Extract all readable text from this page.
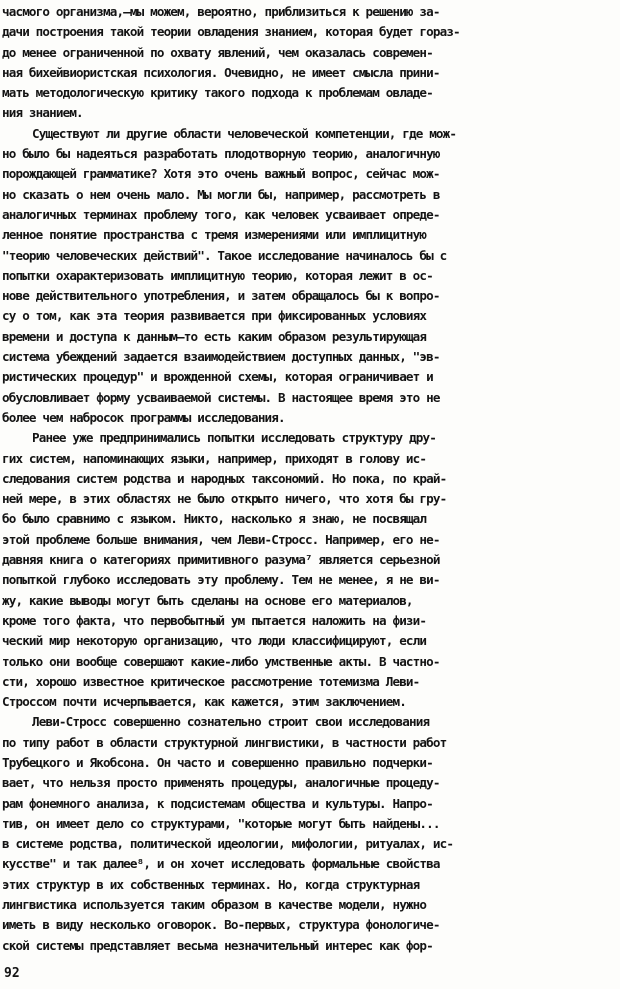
часмого организма,—мы можем, вероятно, приблизиться к решению за-
дачи построения такой теории овладения знанием, которая будет гораз-
до менее ограниченной по охвату явлений, чем оказалась современ-
ная бихейвиористская психология. Очевидно, не имеет смысла прини-
мать методологическую критику такого подхода к проблемам овладе-
ния знанием.
Существуют ли другие области человеческой компетенции, где мож-
но было бы надеяться разработать плодотворную теорию, аналогичную
порождающей грамматике? Хотя это очень важный вопрос, сейчас мож-
но сказать о нем очень мало. Мы могли бы, например, рассмотреть в
аналогичных терминах проблему того, как человек усваивает опреде-
ленное понятие пространства с тремя измерениями или имплицитную
"теорию человеческих действий". Такое исследование начиналось бы с
попытки охарактеризовать имплицитную теорию, которая лежит в ос-
нове действительного употребления, и затем обращалось бы к вопро-
су о том, как эта теория развивается при фиксированных условиях
времени и доступа к данным—то есть каким образом результирующая
система убеждений задается взаимодействием доступных данных, "эв-
ристических процедур" и врожденной схемы, которая ограничивает и
обусловливает форму усваиваемой системы. В настоящее время это не
более чем набросок программы исследования.
Ранее уже предпринимались попытки исследовать структуру дру-
гих систем, напоминающих языки, например, приходят в голову ис-
следования систем родства и народных таксономий. Но пока, по край-
ней мере, в этих областях не было открыто ничего, что хотя бы гру-
бо было сравнимо с языком. Никто, насколько я знаю, не посвящал
этой проблеме больше внимания, чем Леви-Стросс. Например, его не-
давняя книга о категориях примитивного разума⁷ является серьезной
попыткой глубоко исследовать эту проблему. Тем не менее, я не ви-
жу, какие выводы могут быть сделаны на основе его материалов,
кроме того факта, что первобытный ум пытается наложить на физи-
ческий мир некоторую организацию, что люди классифицируют, если
только они вообще совершают какие-либо умственные акты. В частно-
сти, хорошо известное критическое рассмотрение тотемизма Леви-
Строссом почти исчерпывается, как кажется, этим заключением.
Леви-Стросс совершенно сознательно строит свои исследования
по типу работ в области структурной лингвистики, в частности работ
Трубецкого и Якобсона. Он часто и совершенно правильно подчерки-
вает, что нельзя просто применять процедуры, аналогичные процеду-
рам фонемного анализа, к подсистемам общества и культуры. Напро-
тив, он имеет дело со структурами, "которые могут быть найдены...
в системе родства, политической идеологии, мифологии, ритуалах, ис-
кусстве" и так далее⁸, и он хочет исследовать формальные свойства
этих структур в их собственных терминах. Но, когда структурная
лингвистика используется таким образом в качестве модели, нужно
иметь в виду несколько оговорок. Во-первых, структура фонологиче-
ской системы представляет весьма незначительный интерес как фор-
92
